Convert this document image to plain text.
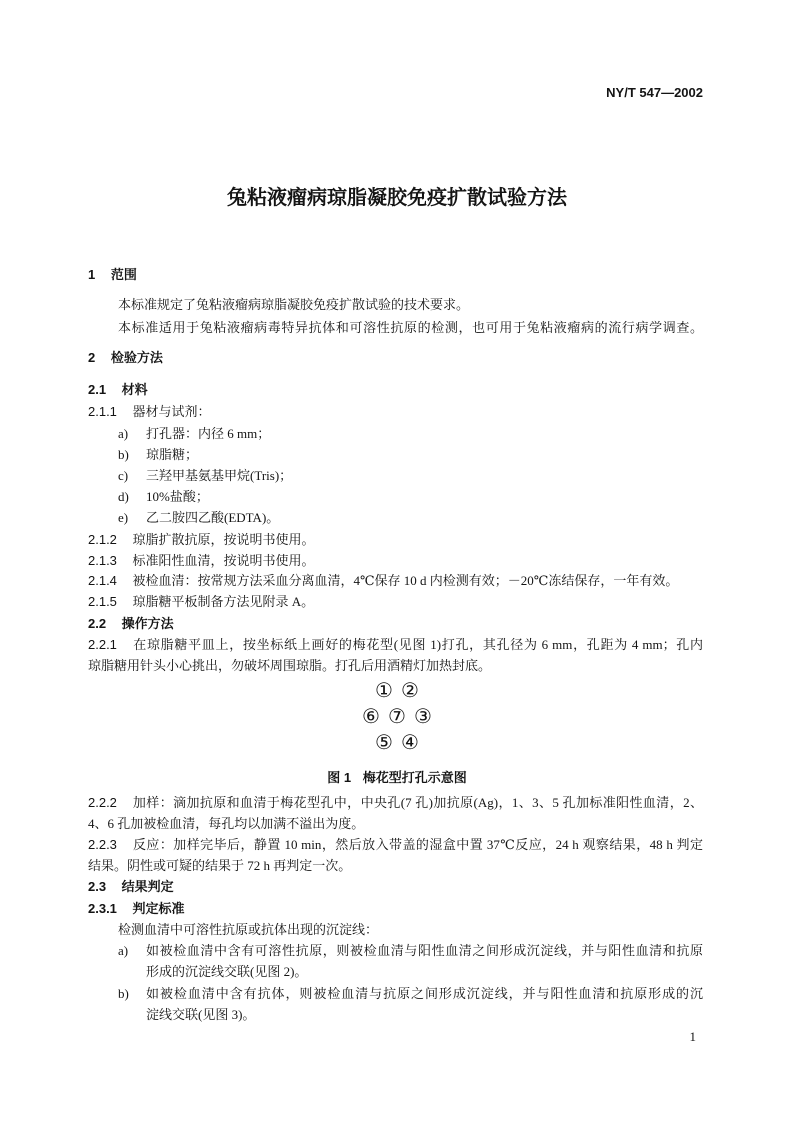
NY/T 547—2002
兔粘液瘤病琼脂凝胶免疫扩散试验方法
1 范围
本标准规定了兔粘液瘤病琼脂凝胶免疫扩散试验的技术要求。
本标准适用于兔粘液瘤病毒特异抗体和可溶性抗原的检测，也可用于兔粘液瘤病的流行病学调查。
2 检验方法
2.1 材料
2.1.1 器材与试剂：
a) 打孔器：内径 6 mm；
b) 琼脂糖；
c) 三羟甲基氨基甲烷(Tris)；
d) 10%盐酸；
e) 乙二胺四乙酸(EDTA)。
2.1.2 琼脂扩散抗原，按说明书使用。
2.1.3 标准阳性血清，按说明书使用。
2.1.4 被检血清：按常规方法采血分离血清，4℃保存 10 d 内检测有效；－20℃冻结保存，一年有效。
2.1.5 琼脂糖平板制备方法见附录 A。
2.2 操作方法
2.2.1 在琼脂糖平皿上，按坐标纸上画好的梅花型(见图 1)打孔，其孔径为 6 mm，孔距为 4 mm；孔内
琼脂糖用针头小心挑出，勿破坏周围琼脂。打孔后用酒精灯加热封底。
① ②
⑥ ⑦ ③
⑤ ④
图 1 梅花型打孔示意图
2.2.2 加样：滴加抗原和血清于梅花型孔中，中央孔(7 孔)加抗原(Ag)，1、3、5 孔加标准阳性血清，2、
4、6 孔加被检血清，每孔均以加满不溢出为度。
2.2.3 反应：加样完毕后，静置 10 min，然后放入带盖的湿盒中置 37℃反应，24 h 观察结果，48 h 判定
结果。阴性或可疑的结果于 72 h 再判定一次。
2.3 结果判定
2.3.1 判定标准
检测血清中可溶性抗原或抗体出现的沉淀线：
a) 如被检血清中含有可溶性抗原，则被检血清与阳性血清之间形成沉淀线，并与阳性血清和抗原
形成的沉淀线交联(见图 2)。
b) 如被检血清中含有抗体，则被检血清与抗原之间形成沉淀线，并与阳性血清和抗原形成的沉
淀线交联(见图 3)。
1
